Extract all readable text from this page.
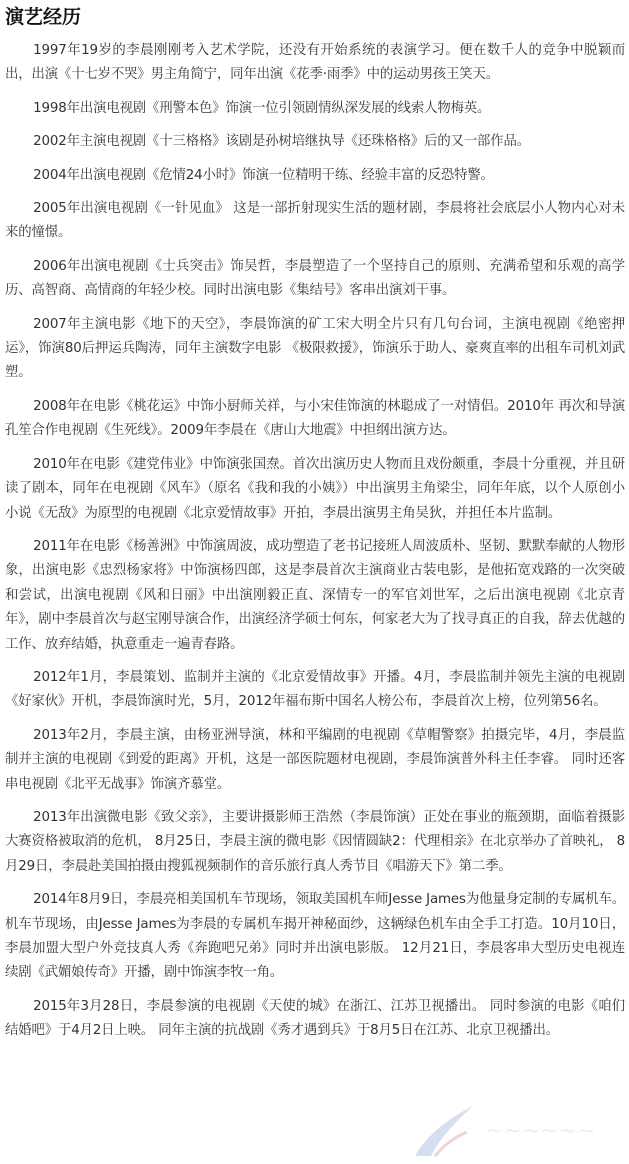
演艺经历

1997年19岁的李晨刚刚考入艺术学院，还没有开始系统的表演学习。便在数千人的竞争中脱颖而出，出演《十七岁不哭》男主角简宁，同年出演《花季·雨季》中的运动男孩王笑天。

1998年出演电视剧《刑警本色》饰演一位引领剧情纵深发展的线索人物梅英。

2002年主演电视剧《十三格格》该剧是孙树培继执导《还珠格格》后的又一部作品。

2004年出演电视剧《危情24小时》饰演一位精明干练、经验丰富的反恐特警。

2005年出演电视剧《一针见血》 这是一部折射现实生活的题材剧，李晨将社会底层小人物内心对未来的憧憬。

2006年出演电视剧《士兵突击》饰吴哲，李晨塑造了一个坚持自己的原则、充满希望和乐观的高学历、高智商、高情商的年轻少校。同时出演电影《集结号》客串出演刘干事。

2007年主演电影《地下的天空》，李晨饰演的矿工宋大明全片只有几句台词，主演电视剧《绝密押运》，饰演80后押运兵陶涛，同年主演数字电影 《极限救援》，饰演乐于助人、豪爽直率的出租车司机刘武塑。

2008年在电影《桃花运》中饰小厨师关祥，与小宋佳饰演的林聪成了一对情侣。2010年 再次和导演孔笙合作电视剧《生死线》。2009年李晨在《唐山大地震》中担纲出演方达。

2010年在电影《建党伟业》中饰演张国焘。首次出演历史人物而且戏份颇重，李晨十分重视，并且研读了剧本，同年在电视剧《风车》（原名《我和我的小姨》）中出演男主角梁尘，同年年底，以个人原创小小说《无敌》为原型的电视剧《北京爱情故事》开拍，李晨出演男主角吴狄，并担任本片监制。

2011年在电影《杨善洲》中饰演周波，成功塑造了老书记接班人周波质朴、坚韧、默默奉献的人物形象，出演电影《忠烈杨家将》中饰演杨四郎，这是李晨首次主演商业古装电影，是他拓宽戏路的一次突破和尝试，出演电视剧《风和日丽》中出演刚毅正直、深情专一的军官刘世军，之后出演电视剧《北京青年》，剧中李晨首次与赵宝刚导演合作，出演经济学硕士何东，何家老大为了找寻真正的自我，辞去优越的工作、放弃结婚，执意重走一遍青春路。

2012年1月，李晨策划、监制并主演的《北京爱情故事》开播。4月，李晨监制并领先主演的电视剧《好家伙》开机，李晨饰演时光，5月，2012年福布斯中国名人榜公布，李晨首次上榜，位列第56名。

2013年2月，李晨主演，由杨亚洲导演，林和平编剧的电视剧《草帽警察》拍摄完毕，4月，李晨监制并主演的电视剧《到爱的距离》开机，这是一部医院题材电视剧，李晨饰演普外科主任李睿。 同时还客串电视剧《北平无战事》饰演齐慕堂。

2013年出演微电影《致父亲》，主要讲摄影师王浩然（李晨饰演）正处在事业的瓶颈期，面临着摄影大赛资格被取消的危机， 8月25日，李晨主演的微电影《因情圆缺2：代理相亲》在北京举办了首映礼， 8月29日，李晨赴美国拍摄由搜狐视频制作的音乐旅行真人秀节目《唱游天下》第二季。

2014年8月9日，李晨亮相美国机车节现场，领取美国机车师Jesse James为他量身定制的专属机车。 机车节现场，由Jesse James为李晨的专属机车揭开神秘面纱，这辆绿色机车由全手工打造。10月10日，李晨加盟大型户外竞技真人秀《奔跑吧兄弟》同时并出演电影版。 12月21日，李晨客串大型历史电视连续剧《武媚娘传奇》开播，剧中饰演李牧一角。

2015年3月28日，李晨参演的电视剧《天使的城》在浙江、江苏卫视播出。 同时参演的电影《咱们结婚吧》于4月2日上映。 同年主演的抗战剧《秀才遇到兵》于8月5日在江苏、北京卫视播出。

~~~~~~
